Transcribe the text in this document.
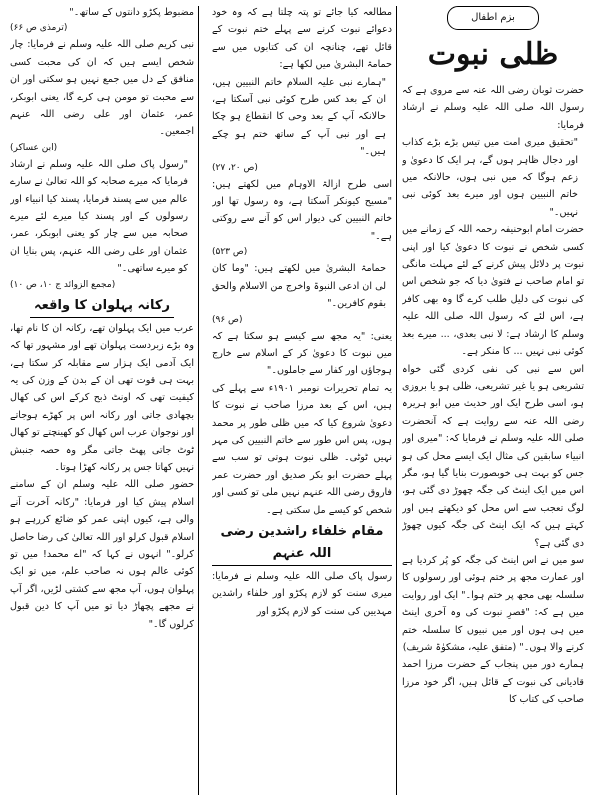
بزم اطفال
ظلی نبوت

حضرت ثوبان رضی اللہ عنہ سے مروی ہے کہ رسول اللہ صلی اللہ علیہ وسلم نے ارشاد فرمایا:

"تحقیق میری امت میں تیس بڑے بڑے کذاب اور دجال ظاہر ہوں گے، ہر ایک کا دعویٰ و زعم ہوگا کہ میں نبی ہوں، حالانکہ میں خاتم النبیین ہوں اور میرے بعد کوئی نبی نہیں۔"

حضرت امام ابوحنیفہ رحمہ اللہ کے زمانے میں کسی شخص نے نبوت کا دعویٰ کیا اور اپنی نبوت پر دلائل پیش کرنے کے لئے مہلت مانگی تو امام صاحب نے فتویٰ دیا کہ جو شخص اس کی نبوت کی دلیل طلب کرے گا وہ بھی کافر ہے، اس لئے کہ رسول اللہ صلی اللہ علیہ وسلم کا ارشاد ہے: لا نبی بعدی، ... میرے بعد کوئی نبی نہیں ... کا منکر ہے۔

اس سے نبی کی نفی کردی گئی خواہ تشریعی ہو یا غیر تشریعی، ظلی ہو یا بروزی ہو، اسی طرح ایک اور حدیث میں ابو ہریرہ رضی اللہ عنہ سے روایت ہے کہ آنحضرت صلی اللہ علیہ وسلم نے فرمایا کہ: "میری اور انبیاء سابقین کی مثال ایک ایسے محل کی ہو جس کو بہت ہی خوبصورت بنایا گیا ہو، مگر اس میں ایک اینٹ کی جگہ چھوڑ دی گئی ہو، لوگ تعجب سے اس محل کو دیکھتے ہیں اور کہتے ہیں کہ ایک اینٹ کی جگہ کیوں چھوڑ دی گئی ہے؟

سو میں نے اس اینٹ کی جگہ کو پُر کردیا ہے اور عمارت مجھ پر ختم ہوئی اور رسولوں کا سلسلہ بھی مجھ پر ختم ہوا۔" ایک اور روایت میں ہے کہ: "قصرِ نبوت کی وہ آخری اینٹ میں ہی ہوں اور میں نبیوں کا سلسلہ ختم کرنے والا ہوں۔" (متفق علیہ، مشکوٰۃ شریف)

ہمارے دور میں پنجاب کے حضرت مرزا احمد قادیانی کی نبوت کے قائل ہیں، اگر خود مرزا صاحب کی کتاب کا

مطالعہ کیا جائے تو پتہ چلتا ہے کہ وہ خود دعوائے نبوت کرنے سے پہلے ختم نبوت کے قائل تھے، چنانچہ ان کی کتابوں میں سے حمامۃ البشریٰ میں لکھا ہے:

"ہمارے نبی علیہ السلام خاتم النبیین ہیں، ان کے بعد کس طرح کوئی نبی آسکتا ہے، حالانکہ آپ کے بعد وحی کا انقطاع ہو چکا ہے اور نبی آپ کے ساتھ ختم ہو چکے ہیں۔"

(ص ۲۰، ۲۷)

اسی طرح ازالۃ الاوہام میں لکھتے ہیں: "مسیح کیونکر آسکتا ہے، وہ رسول تھا اور خاتم النبیین کی دیوار اس کو آنے سے روکتی ہے۔"

(ص ۵۲۳)

حمامۃ البشریٰ میں لکھتے ہیں: "وما کان لی ان ادعی النبوۃ واخرج من الاسلام والحق بقوم کافرین۔"

(ص ۹۶)

یعنی: "یہ مجھ سے کیسے ہو سکتا ہے کہ میں نبوت کا دعویٰ کر کے اسلام سے خارج ہوجاؤں اور کفار سے جاملوں۔"

یہ تمام تحریرات نومبر ۱۹۰۱ء سے پہلے کی ہیں، اس کے بعد مرزا صاحب نے نبوت کا دعویٰ شروع کیا کہ میں ظلی طور پر محمد ہوں، پس اس طور سے خاتم النبیین کی مہر نہیں ٹوٹی۔ ظلی نبوت ہوتی تو سب سے پہلے حضرت ابو بکر صدیق اور حضرت عمر فاروق رضی اللہ عنہم نہیں ملی تو کسی اور شخص کو کیسے مل سکتی ہے۔

مقام خلفاء راشدین رضی اللہ عنہم

رسول پاک صلی اللہ علیہ وسلم نے فرمایا: میری سنت کو لازم پکڑو اور خلفاء راشدین مہدیین کی سنت کو لازم پکڑو اور

مضبوط پکڑو دانتوں کے ساتھ۔"

(ترمذی ص ۶۶)

نبی کریم صلی اللہ علیہ وسلم نے فرمایا: چار شخص ایسے ہیں کہ ان کی محبت کسی منافق کے دل میں جمع نہیں ہو سکتی اور ان سے محبت تو مومن ہی کرے گا، یعنی ابوبکر، عمر، عثمان اور علی رضی اللہ عنہم اجمعین۔

(ابن عساکر)

"رسول پاک صلی اللہ علیہ وسلم نے ارشاد فرمایا کہ میرے صحابہ کو اللہ تعالیٰ نے سارے عالم میں سے پسند فرمایا، پسند کیا انبیاء اور رسولوں کے اور پسند کیا میرے لئے میرے صحابہ میں سے چار کو یعنی ابوبکر، عمر، عثمان اور علی رضی اللہ عنہم، پس بنایا ان کو میرے ساتھی۔"

(مجمع الزوائد ج ۱۰، ص ۱۰)

رکانہ پہلوان کا واقعہ

عرب میں ایک پہلوان تھے، رکانہ ان کا نام تھا، وہ بڑے زبردست پہلوان تھے اور مشہور تھا کہ ایک آدمی ایک ہزار سے مقابلہ کر سکتا ہے، بہت ہی قوت تھی ان کے بدن کے وزن کی یہ کیفیت تھی کہ اونٹ ذبح کرکے اس کی کھال بچھادی جاتی اور رکانہ اس پر کھڑے ہوجاتے اور نوجوان عرب اس کھال کو کھینچتے تو کھال ٹوٹ جاتی پھٹ جاتی مگر وہ حصہ جنبش نہیں کھاتا جس پر رکانہ کھڑا ہوتا۔

حضور صلی اللہ علیہ وسلم ان کے سامنے اسلام پیش کیا اور فرمایا: "رکانہ آخرت آنے والی ہے، کیوں اپنی عمر کو ضائع کررہے ہو اسلام قبول کرلو اور اللہ تعالیٰ کی رضا حاصل کرلو۔" انہوں نے کہا کہ "اے محمد! میں تو کوئی عالم ہوں نہ صاحب علم، میں تو ایک پہلوان ہوں، آپ مجھ سے کشتی لڑیں، اگر آپ نے مجھے پچھاڑ دیا تو میں آپ کا دین قبول کرلوں گا۔"
